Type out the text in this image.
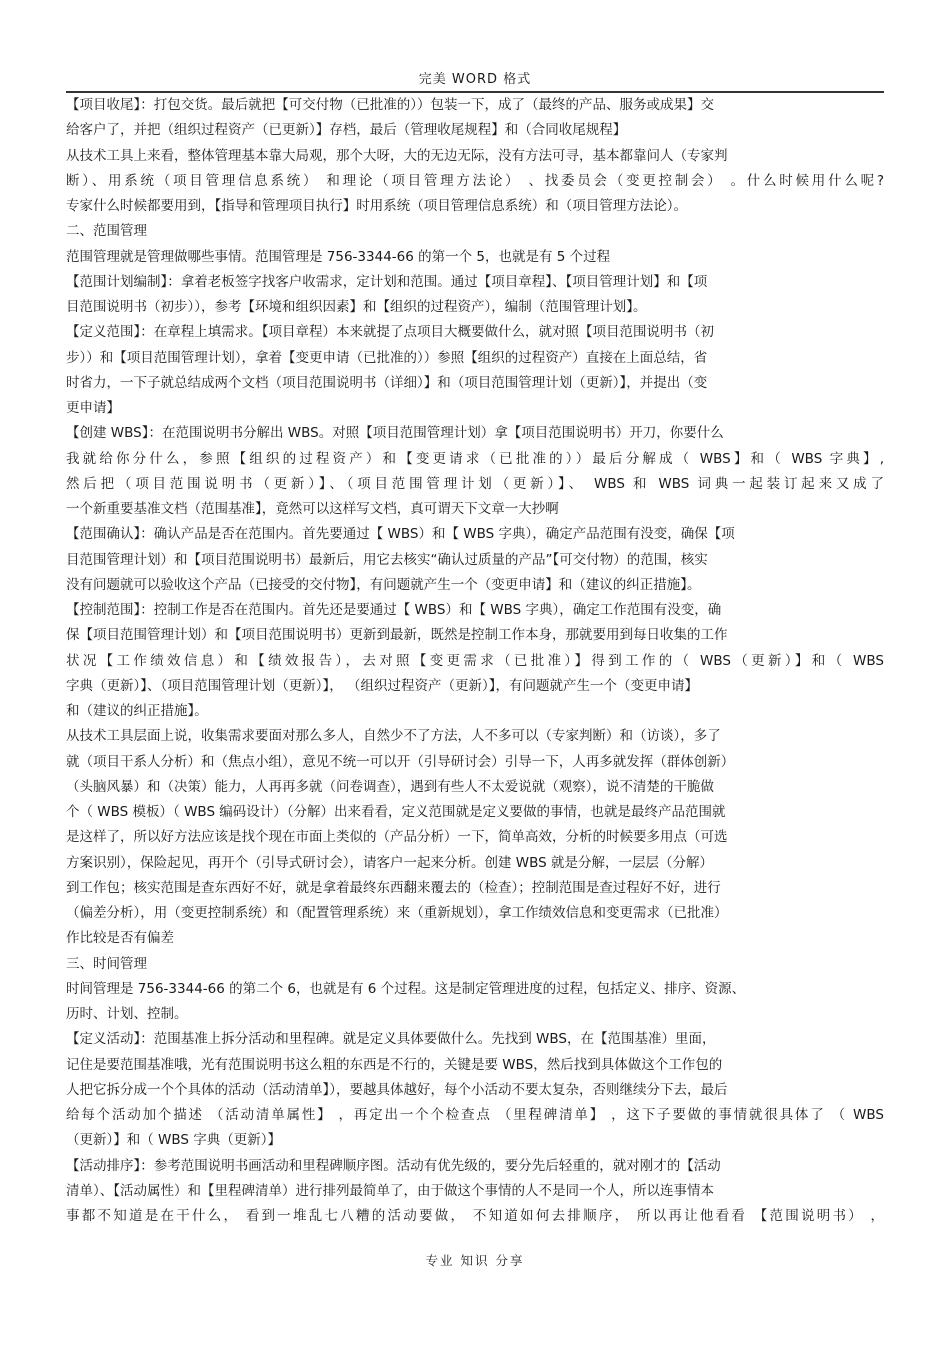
完美 WORD 格式
【项目收尾】：打包交货。最后就把【可交付物（已批准的））包装一下，成了（最终的产品、服务或成果】交
给客户了，并把（组织过程资产（已更新）】存档，最后（管理收尾规程】和（合同收尾规程】
从技术工具上来看，整体管理基本靠大局观，那个大呀，大的无边无际，没有方法可寻，基本都靠问人（专家判
断）、用系统（项目管理信息系统） 和理论（项目管理方法论） 、找委员会（变更控制会） 。什么时候用什么呢?
专家什么时候都要用到，【指导和管理项目执行】时用系统（项目管理信息系统）和（项目管理方法论）。
二、范围管理
范围管理就是管理做哪些事情。范围管理是 756-3344-66 的第一个 5，也就是有 5 个过程
【范围计划编制】：拿着老板签字找客户收需求，定计划和范围。通过【项目章程】、【项目管理计划】和【项
目范围说明书（初步）），参考【环境和组织因素】和【组织的过程资产），编制（范围管理计划】。
【定义范围】：在章程上填需求。【项目章程）本来就提了点项目大概要做什么，就对照【项目范围说明书（初
步））和【项目范围管理计划），拿着【变更申请（已批准的））参照【组织的过程资产）直接在上面总结，省
时省力，一下子就总结成两个文档（项目范围说明书（详细）】和（项目范围管理计划（更新）】，并提出（变
更申请】
【创建 WBS】：在范围说明书分解出 WBS。对照【项目范围管理计划）拿【项目范围说明书）开刀，你要什么
我就给你分什么，参照【组织的过程资产）和【变更请求（已批准的））最后分解成（ WBS】和（ WBS 字典】,
然后把（项目范围说明书（更新）】、（项目范围管理计划（更新）】、 WBS 和 WBS 词典一起装订起来又成了
一个新重要基准文档（范围基准】，竟然可以这样写文档，真可谓天下文章一大抄啊
【范围确认】：确认产品是否在范围内。首先要通过【 WBS）和【 WBS 字典），确定产品范围有没变，确保【项
目范围管理计划）和【项目范围说明书）最新后，用它去核实“确认过质量的产品”【可交付物）的范围，核实
没有问题就可以验收这个产品（已接受的交付物】，有问题就产生一个（变更申请】和（建议的纠正措施】。
【控制范围】：控制工作是否在范围内。首先还是要通过【 WBS）和【 WBS 字典），确定工作范围有没变，确
保【项目范围管理计划）和【项目范围说明书）更新到最新，既然是控制工作本身，那就要用到每日收集的工作
状况【工作绩效信息）和【绩效报告），去对照【变更需求（已批准）】得到工作的（ WBS（更新）】和（ WBS
字典（更新）】、（项目范围管理计划（更新）】， （组织过程资产（更新）】，有问题就产生一个（变更申请】
和（建议的纠正措施】。
从技术工具层面上说，收集需求要面对那么多人，自然少不了方法，人不多可以（专家判断）和（访谈），多了
就（项目干系人分析）和（焦点小组），意见不统一可以开（引导研讨会）引导一下，人再多就发挥（群体创新）
（头脑风暴）和（决策）能力，人再再多就（问卷调查），遇到有些人不太爱说就（观察），说不清楚的干脆做
个（ WBS 模板）（ WBS 编码设计）（分解）出来看看，定义范围就是定义要做的事情，也就是最终产品范围就
是这样了，所以好方法应该是找个现在市面上类似的（产品分析）一下，简单高效，分析的时候要多用点（可选
方案识别），保险起见，再开个（引导式研讨会），请客户一起来分析。创建 WBS 就是分解，一层层（分解）
到工作包；核实范围是查东西好不好，就是拿着最终东西翻来覆去的（检查）；控制范围是查过程好不好，进行
（偏差分析），用（变更控制系统）和（配置管理系统）来（重新规划），拿工作绩效信息和变更需求（已批准）
作比较是否有偏差
三、时间管理
时间管理是 756-3344-66 的第二个 6，也就是有 6 个过程。这是制定管理进度的过程，包括定义、排序、资源、
历时、计划、控制。
【定义活动】：范围基准上拆分活动和里程碑。就是定义具体要做什么。先找到 WBS，在【范围基准）里面，
记住是要范围基准哦，光有范围说明书这么粗的东西是不行的，关键是要 WBS，然后找到具体做这个工作包的
人把它拆分成一个个具体的活动（活动清单】），要越具体越好，每个小活动不要太复杂，否则继续分下去，最后
给每个活动加个描述 （活动清单属性】 ，再定出一个个检查点 （里程碑清单】 ，这下子要做的事情就很具体了 （ WBS
（更新）】和（ WBS 字典（更新）】
【活动排序】：参考范围说明书画活动和里程碑顺序图。活动有优先级的，要分先后轻重的，就对刚才的【活动
清单）、【活动属性）和【里程碑清单）进行排列最简单了，由于做这个事情的人不是同一个人，所以连事情本
事都不知道是在干什么， 看到一堆乱七八糟的活动要做， 不知道如何去排顺序， 所以再让他看看 【范围说明书） ，
专业 知识 分享
